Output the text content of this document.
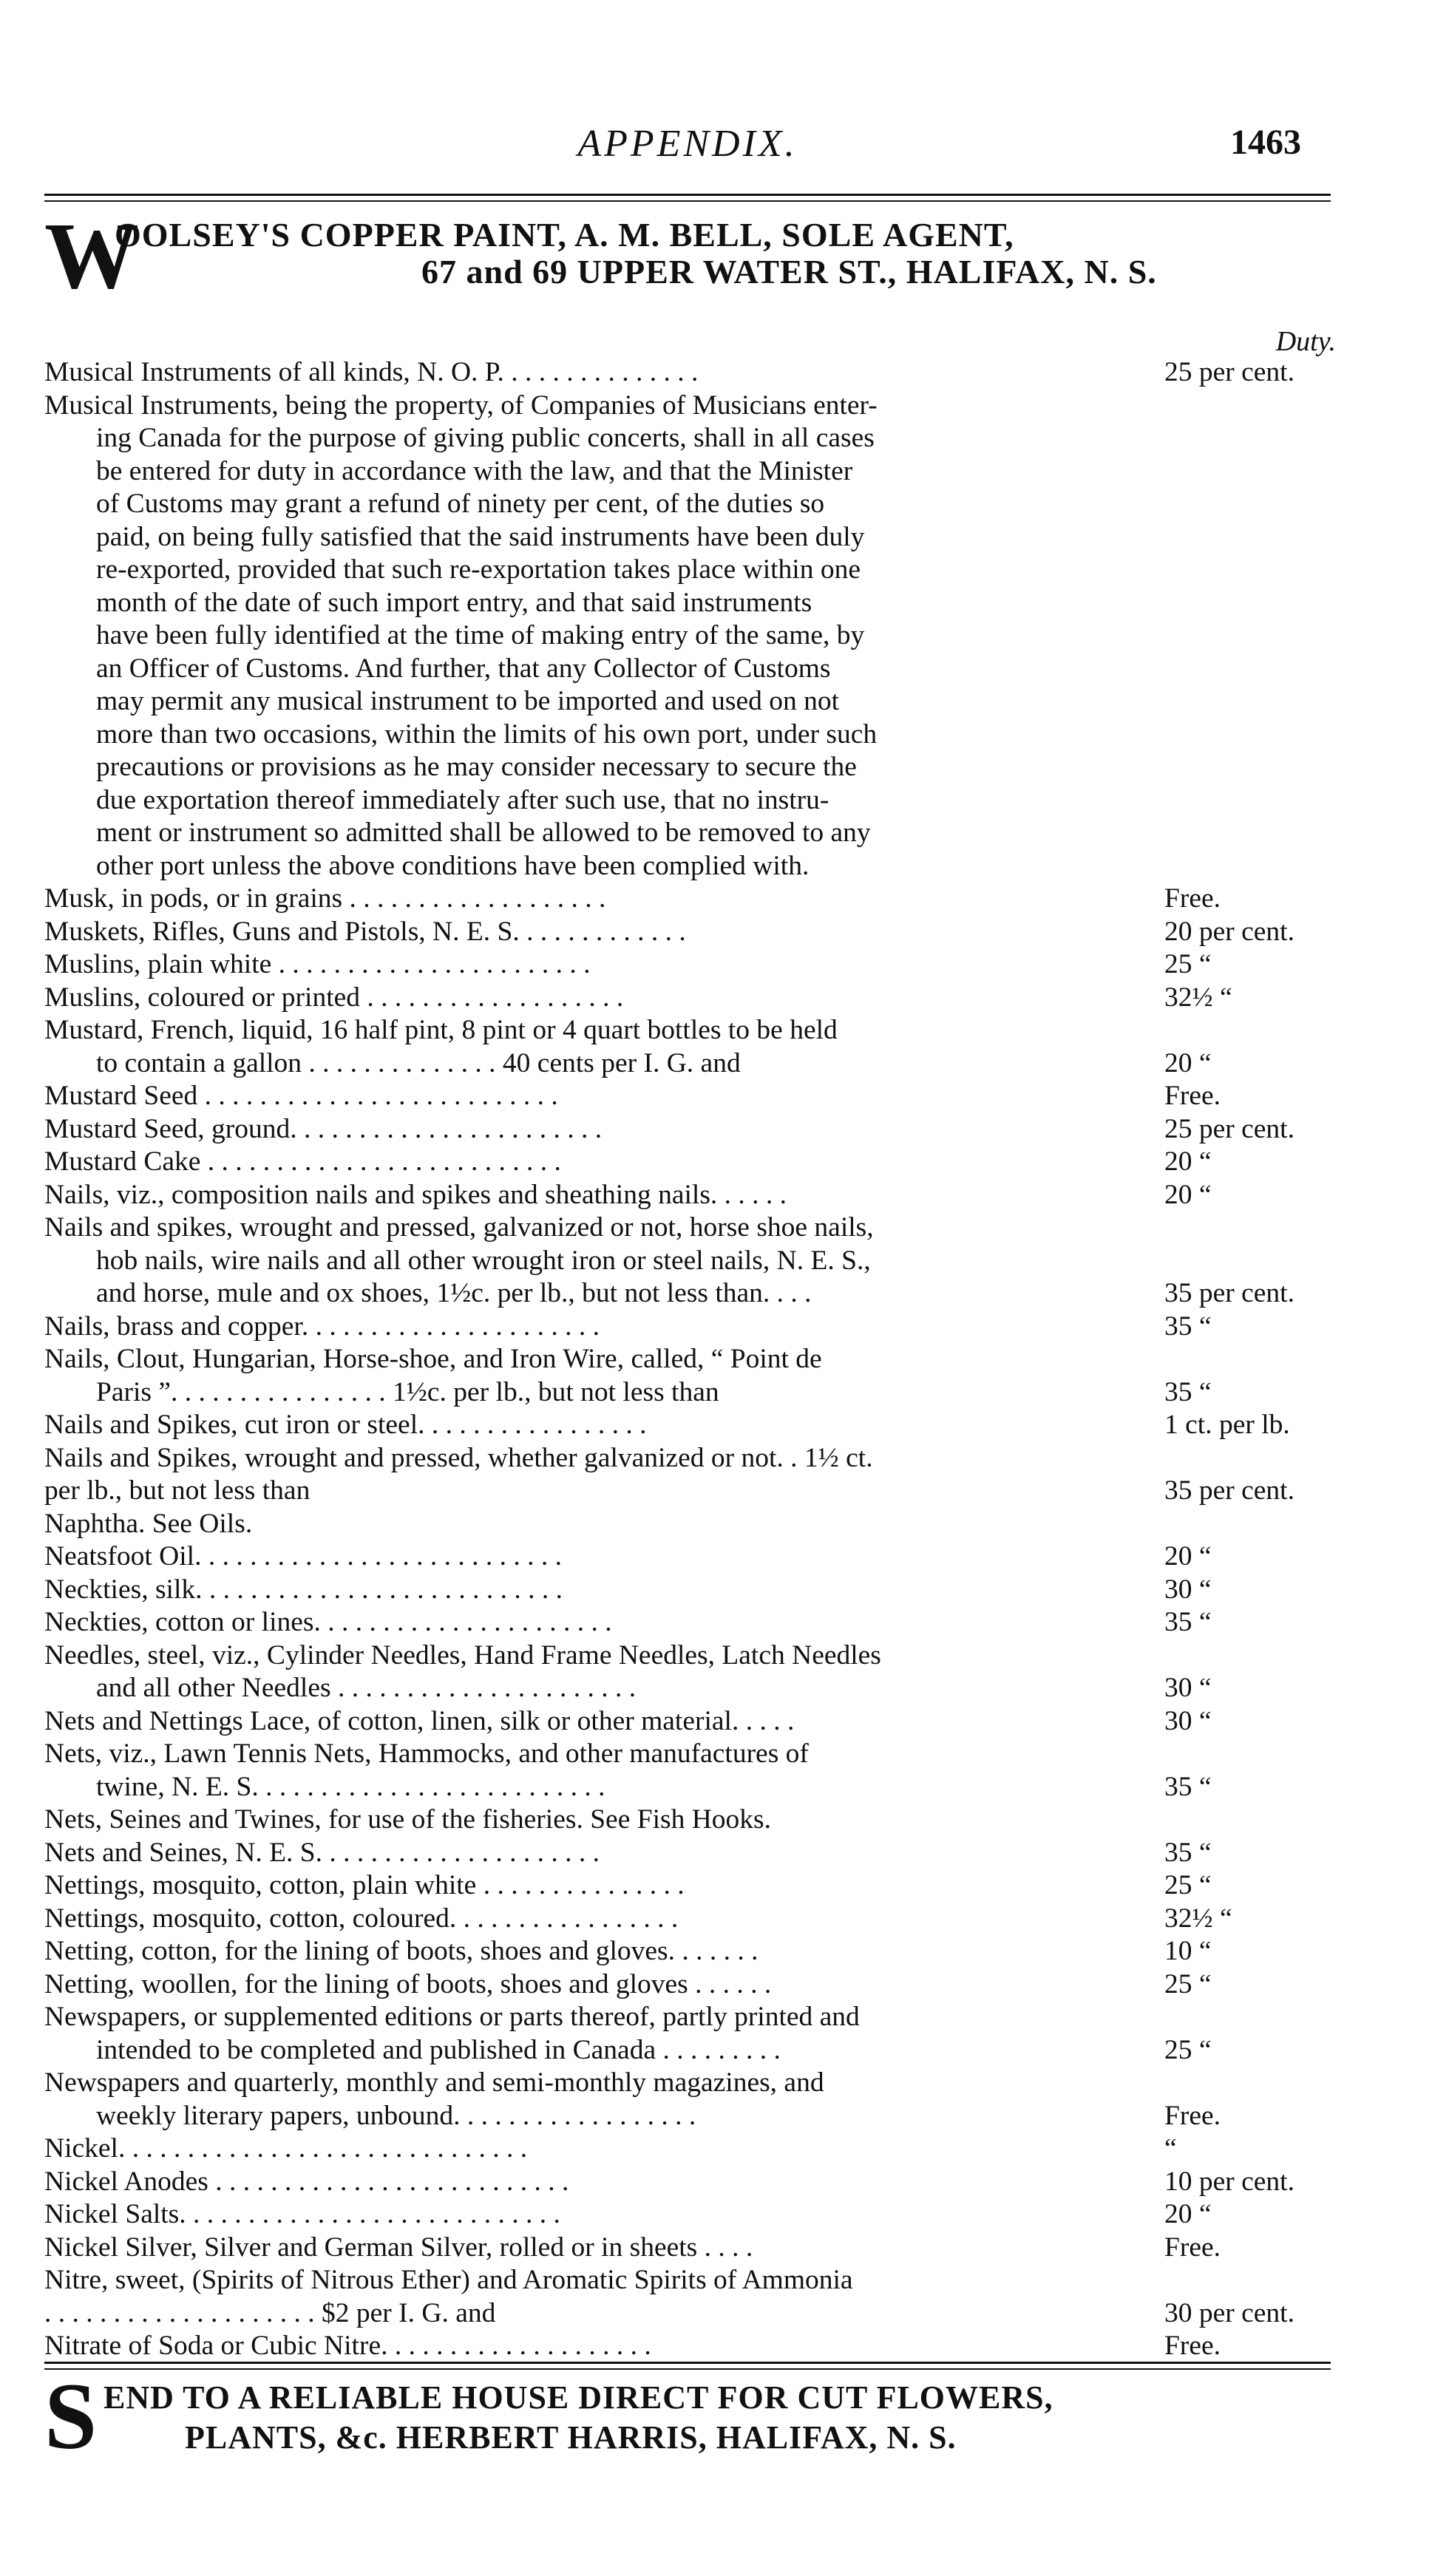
APPENDIX.	1463
W
OOLSEY'S COPPER PAINT, A. M. BELL, SOLE AGENT,
67 and 69 UPPER WATER ST., HALIFAX, N. S.
Duty.
Musical Instruments of all kinds, N. O. P. . . . . . . . . . . . . . .	25 per cent.
Musical Instruments, being the property, of Companies of Musicians enter-
ing Canada for the purpose of giving public concerts, shall in all cases
be entered for duty in accordance with the law, and that the Minister
of Customs may grant a refund of ninety per cent, of the duties so
paid, on being fully satisfied that the said instruments have been duly
re-exported, provided that such re-exportation takes place within one
month of the date of such import entry, and that said instruments
have been fully identified at the time of making entry of the same, by
an Officer of Customs. And further, that any Collector of Customs
may permit any musical instrument to be imported and used on not
more than two occasions, within the limits of his own port, under such
precautions or provisions as he may consider necessary to secure the
due exportation thereof immediately after such use, that no instru-
ment or instrument so admitted shall be allowed to be removed to any
other port unless the above conditions have been complied with.
Musk, in pods, or in grains . . . . . . . . . . . . . . . . . . .	Free.
Muskets, Rifles, Guns and Pistols, N. E. S. . . . . . . . . . . . .	20 per cent.
Muslins, plain white . . . . . . . . . . . . . . . . . . . . . . .	25 “
Muslins, coloured or printed . . . . . . . . . . . . . . . . . . .	32½ “
Mustard, French, liquid, 16 half pint, 8 pint or 4 quart bottles to be held
to contain a gallon . . . . . . . . . . . . . . 40 cents per I. G. and	20 “
Mustard Seed . . . . . . . . . . . . . . . . . . . . . . . . . .	Free.
Mustard Seed, ground. . . . . . . . . . . . . . . . . . . . . . .	25 per cent.
Mustard Cake . . . . . . . . . . . . . . . . . . . . . . . . . .	20 “
Nails, viz., composition nails and spikes and sheathing nails. . . . . .	20 “
Nails and spikes, wrought and pressed, galvanized or not, horse shoe nails,
hob nails, wire nails and all other wrought iron or steel nails, N. E. S.,
and horse, mule and ox shoes, 1½c. per lb., but not less than. . . .	35 per cent.
Nails, brass and copper. . . . . . . . . . . . . . . . . . . . . .	35 “
Nails, Clout, Hungarian, Horse-shoe, and Iron Wire, called, “ Point de
Paris ”. . . . . . . . . . . . . . . . 1½c. per lb., but not less than	35 “
Nails and Spikes, cut iron or steel. . . . . . . . . . . . . . . . .	1 ct. per lb.
Nails and Spikes, wrought and pressed, whether galvanized or not. . 1½ ct.
per lb., but not less than	35 per cent.
Naphtha. See Oils.
Neatsfoot Oil. . . . . . . . . . . . . . . . . . . . . . . . . . .	20 “
Neckties, silk. . . . . . . . . . . . . . . . . . . . . . . . . . .	30 “
Neckties, cotton or lines. . . . . . . . . . . . . . . . . . . . . .	35 “
Needles, steel, viz., Cylinder Needles, Hand Frame Needles, Latch Needles
and all other Needles . . . . . . . . . . . . . . . . . . . . . .	30 “
Nets and Nettings Lace, of cotton, linen, silk or other material. . . . .	30 “
Nets, viz., Lawn Tennis Nets, Hammocks, and other manufactures of
twine, N. E. S. . . . . . . . . . . . . . . . . . . . . . . . . .	35 “
Nets, Seines and Twines, for use of the fisheries. See Fish Hooks.
Nets and Seines, N. E. S. . . . . . . . . . . . . . . . . . . . .	35 “
Nettings, mosquito, cotton, plain white . . . . . . . . . . . . . . .	25 “
Nettings, mosquito, cotton, coloured. . . . . . . . . . . . . . . . .	32½ “
Netting, cotton, for the lining of boots, shoes and gloves. . . . . . .	10 “
Netting, woollen, for the lining of boots, shoes and gloves . . . . . .	25 “
Newspapers, or supplemented editions or parts thereof, partly printed and
intended to be completed and published in Canada . . . . . . . . .	25 “
Newspapers and quarterly, monthly and semi-monthly magazines, and
weekly literary papers, unbound. . . . . . . . . . . . . . . . . .	Free.
Nickel. . . . . . . . . . . . . . . . . . . . . . . . . . . . . .	“
Nickel Anodes . . . . . . . . . . . . . . . . . . . . . . . . . .	10 per cent.
Nickel Salts. . . . . . . . . . . . . . . . . . . . . . . . . . . .	20 “
Nickel Silver, Silver and German Silver, rolled or in sheets . . . .	Free.
Nitre, sweet, (Spirits of Nitrous Ether) and Aromatic Spirits of Ammonia
. . . . . . . . . . . . . . . . . . . . $2 per I. G. and	30 per cent.
Nitrate of Soda or Cubic Nitre. . . . . . . . . . . . . . . . . . . .	Free.
S END TO A RELIABLE HOUSE DIRECT FOR CUT FLOWERS,
PLANTS, &c. HERBERT HARRIS, HALIFAX, N. S.
